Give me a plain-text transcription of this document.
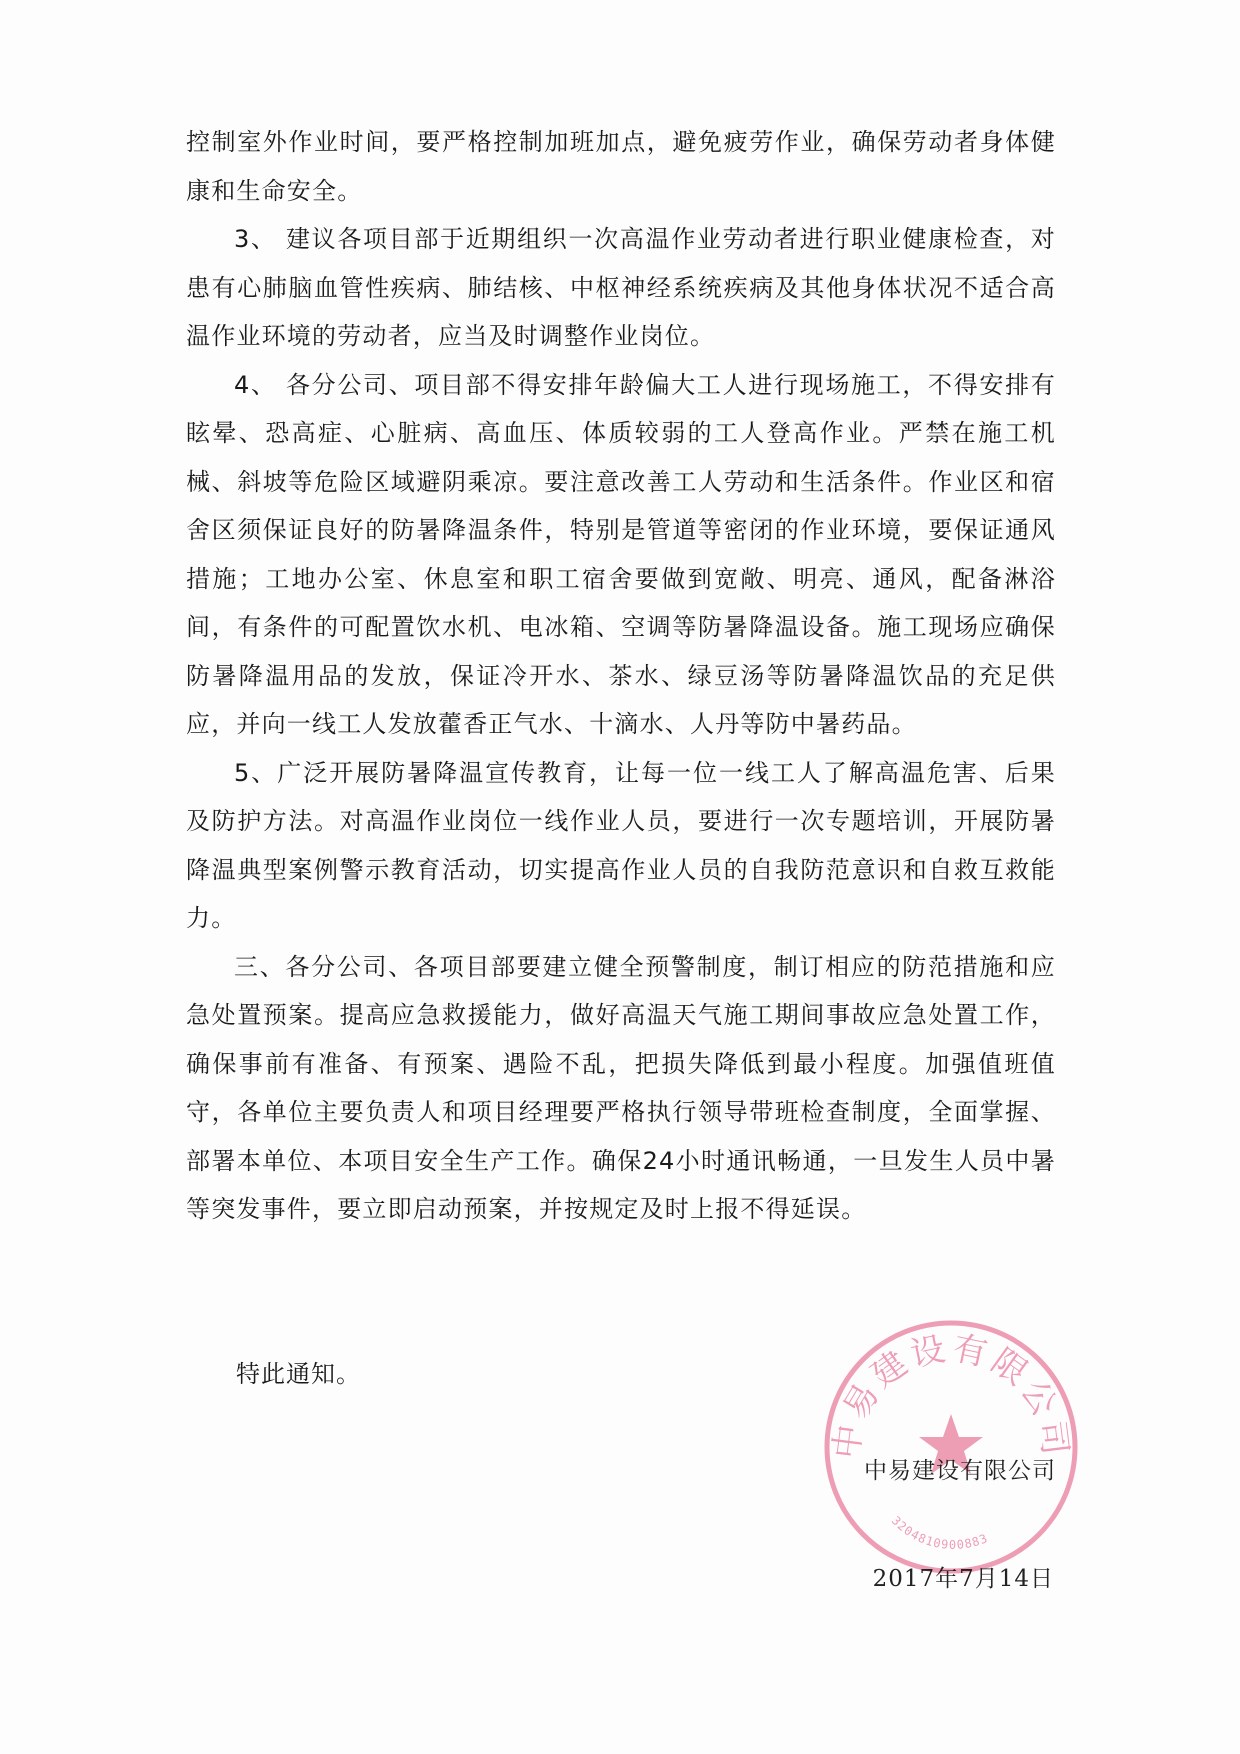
控制室外作业时间，要严格控制加班加点，避免疲劳作业，确保劳动者身体健康和生命安全。

3、 建议各项目部于近期组织一次高温作业劳动者进行职业健康检查，对患有心肺脑血管性疾病、肺结核、中枢神经系统疾病及其他身体状况不适合高温作业环境的劳动者，应当及时调整作业岗位。

4、 各分公司、项目部不得安排年龄偏大工人进行现场施工，不得安排有眩晕、恐高症、心脏病、高血压、体质较弱的工人登高作业。严禁在施工机械、斜坡等危险区域避阴乘凉。要注意改善工人劳动和生活条件。作业区和宿舍区须保证良好的防暑降温条件，特别是管道等密闭的作业环境，要保证通风措施；工地办公室、休息室和职工宿舍要做到宽敞、明亮、通风，配备淋浴间，有条件的可配置饮水机、电冰箱、空调等防暑降温设备。施工现场应确保防暑降温用品的发放，保证冷开水、茶水、绿豆汤等防暑降温饮品的充足供应，并向一线工人发放藿香正气水、十滴水、人丹等防中暑药品。

5、广泛开展防暑降温宣传教育，让每一位一线工人了解高温危害、后果及防护方法。对高温作业岗位一线作业人员，要进行一次专题培训，开展防暑降温典型案例警示教育活动，切实提高作业人员的自我防范意识和自救互救能力。

三、各分公司、各项目部要建立健全预警制度，制订相应的防范措施和应急处置预案。提高应急救援能力，做好高温天气施工期间事故应急处置工作，确保事前有准备、有预案、遇险不乱，把损失降低到最小程度。加强值班值守，各单位主要负责人和项目经理要严格执行领导带班检查制度，全面掌握、部署本单位、本项目安全生产工作。确保24小时通讯畅通，一旦发生人员中暑等突发事件，要立即启动预案，并按规定及时上报不得延误。

特此通知。
中易建设有限公司
3204810900883
中易建设有限公司
2017年7月14日
